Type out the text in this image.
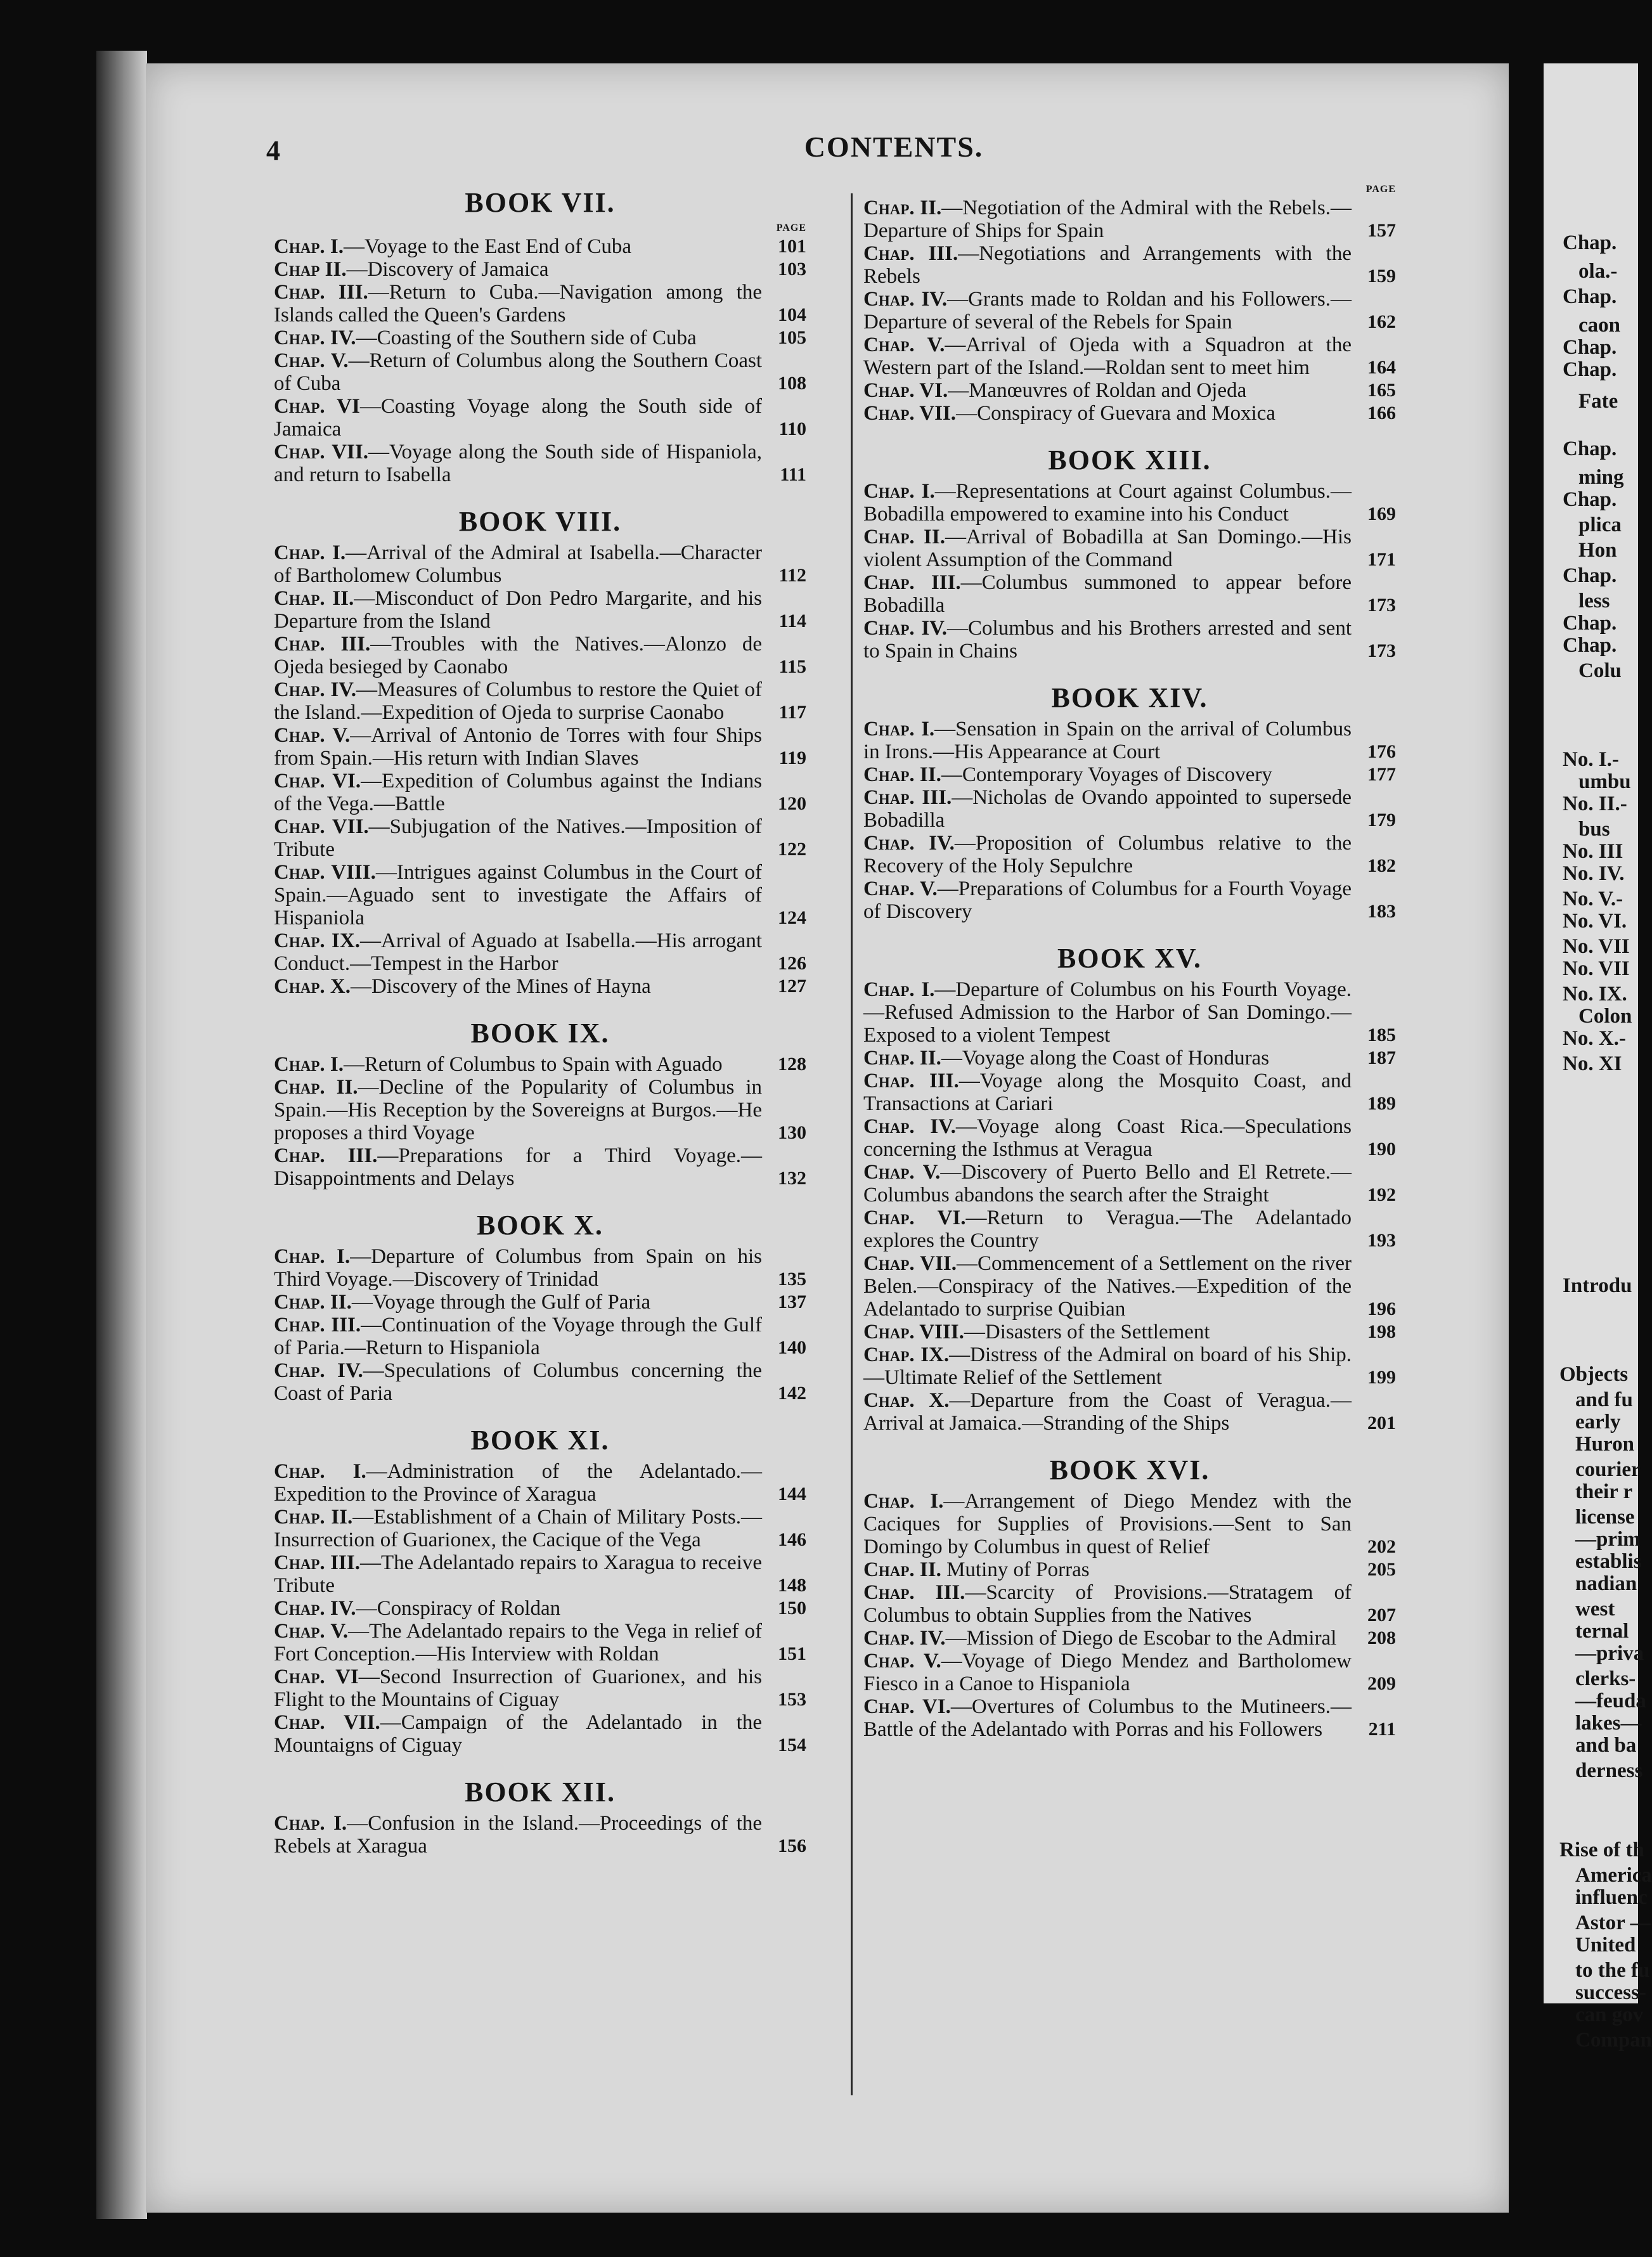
4	CONTENTS.
BOOK VII.
PAGE

Chap. I.—Voyage to the East End of Cuba	101

Chap II.—Discovery of Jamaica	103

Chap. III.—Return to Cuba.—Navigation among the Islands called the Queen's Gardens	104

Chap. IV.—Coasting of the Southern side of Cuba	105

Chap. V.—Return of Columbus along the Southern Coast of Cuba	108

Chap. VI—Coasting Voyage along the South side of Jamaica	110

Chap. VII.—Voyage along the South side of Hispaniola, and return to Isabella	111

BOOK VIII.

Chap. I.—Arrival of the Admiral at Isabella.—Character of Bartholomew Columbus	112

Chap. II.—Misconduct of Don Pedro Margarite, and his Departure from the Island	114

Chap. III.—Troubles with the Natives.—Alonzo de Ojeda besieged by Caonabo	115

Chap. IV.—Measures of Columbus to restore the Quiet of the Island.—Expedition of Ojeda to surprise Caonabo	117

Chap. V.—Arrival of Antonio de Torres with four Ships from Spain.—His return with Indian Slaves	119

Chap. VI.—Expedition of Columbus against the Indians of the Vega.—Battle	120

Chap. VII.—Subjugation of the Natives.—Imposition of Tribute	122

Chap. VIII.—Intrigues against Columbus in the Court of Spain.—Aguado sent to investigate the Affairs of Hispaniola	124

Chap. IX.—Arrival of Aguado at Isabella.—His arrogant Conduct.—Tempest in the Harbor	126

Chap. X.—Discovery of the Mines of Hayna	127

BOOK IX.

Chap. I.—Return of Columbus to Spain with Aguado	128

Chap. II.—Decline of the Popularity of Columbus in Spain.—His Reception by the Sovereigns at Burgos.—He proposes a third Voyage	130

Chap. III.—Preparations for a Third Voyage.—Disappointments and Delays	132

BOOK X.

Chap. I.—Departure of Columbus from Spain on his Third Voyage.—Discovery of Trinidad	135

Chap. II.—Voyage through the Gulf of Paria	137

Chap. III.—Continuation of the Voyage through the Gulf of Paria.—Return to Hispaniola	140

Chap. IV.—Speculations of Columbus concerning the Coast of Paria	142

BOOK XI.

Chap. I.—Administration of the Adelantado.—Expedition to the Province of Xaragua	144

Chap. II.—Establishment of a Chain of Military Posts.—Insurrection of Guarionex, the Cacique of the Vega	146

Chap. III.—The Adelantado repairs to Xaragua to receive Tribute	148

Chap. IV.—Conspiracy of Roldan	150

Chap. V.—The Adelantado repairs to the Vega in relief of Fort Conception.—His Interview with Roldan	151

Chap. VI—Second Insurrection of Guarionex, and his Flight to the Mountains of Ciguay	153

Chap. VII.—Campaign of the Adelantado in the Mountaigns of Ciguay	154

BOOK XII.

Chap. I.—Confusion in the Island.—Proceedings of the Rebels at Xaragua	156

PAGE

Chap. II.—Negotiation of the Admiral with the Rebels.—Departure of Ships for Spain	157

Chap. III.—Negotiations and Arrangements with the Rebels	159

Chap. IV.—Grants made to Roldan and his Followers.—Departure of several of the Rebels for Spain	162

Chap. V.—Arrival of Ojeda with a Squadron at the Western part of the Island.—Roldan sent to meet him	164

Chap. VI.—Manœuvres of Roldan and Ojeda	165

Chap. VII.—Conspiracy of Guevara and Moxica	166

BOOK XIII.

Chap. I.—Representations at Court against Columbus.—Bobadilla empowered to examine into his Conduct	169

Chap. II.—Arrival of Bobadilla at San Domingo.—His violent Assumption of the Command	171

Chap. III.—Columbus summoned to appear before Bobadilla	173

Chap. IV.—Columbus and his Brothers arrested and sent to Spain in Chains	173

BOOK XIV.

Chap. I.—Sensation in Spain on the arrival of Columbus in Irons.—His Appearance at Court	176

Chap. II.—Contemporary Voyages of Discovery	177

Chap. III.—Nicholas de Ovando appointed to supersede Bobadilla	179

Chap. IV.—Proposition of Columbus relative to the Recovery of the Holy Sepulchre	182

Chap. V.—Preparations of Columbus for a Fourth Voyage of Discovery	183

BOOK XV.

Chap. I.—Departure of Columbus on his Fourth Voyage.—Refused Admission to the Harbor of San Domingo.—Exposed to a violent Tempest	185

Chap. II.—Voyage along the Coast of Honduras	187

Chap. III.—Voyage along the Mosquito Coast, and Transactions at Cariari	189

Chap. IV.—Voyage along Coast Rica.—Speculations concerning the Isthmus at Veragua	190

Chap. V.—Discovery of Puerto Bello and El Retrete.—Columbus abandons the search after the Straight	192

Chap. VI.—Return to Veragua.—The Adelantado explores the Country	193

Chap. VII.—Commencement of a Settlement on the river Belen.—Conspiracy of the Natives.—Expedition of the Adelantado to surprise Quibian	196

Chap. VIII.—Disasters of the Settlement	198

Chap. IX.—Distress of the Admiral on board of his Ship.—Ultimate Relief of the Settlement	199

Chap. X.—Departure from the Coast of Veragua.—Arrival at Jamaica.—Stranding of the Ships	201

BOOK XVI.

Chap. I.—Arrangement of Diego Mendez with the Caciques for Supplies of Provisions.—Sent to San Domingo by Columbus in quest of Relief	202

Chap. II. Mutiny of Porras	205

Chap. III.—Scarcity of Provisions.—Stratagem of Columbus to obtain Supplies from the Natives	207

Chap. IV.—Mission of Diego de Escobar to the Admiral 208

Chap. V.—Voyage of Diego Mendez and Bartholomew Fiesco in a Canoe to Hispaniola	209

Chap. VI.—Overtures of Columbus to the Mutineers.—Battle of the Adelantado with Porras and his Followers 211

Chap.
ola.-
Chap.
caon
Chap.
Chap.
Fate
Chap.
ming
Chap.
plica
Hon
Chap.
less
Chap.
Chap.
Colu
No. I.-
umbu
No. II.-
bus
No. III
No. IV.
No. V.-
No. VI.
No. VII
No. VII
No. IX.
Colon
No. X.-
No. XI
Introdu
Objects
and fu
early
Huron
courier
their r
license
—prim
establis
nadian
west
ternal
—priva
clerks-
—feuda
lakes—
and ba
derness
Rise of th
America
influenc
Astor —
United
to the fu
success-
can gov
Compan
